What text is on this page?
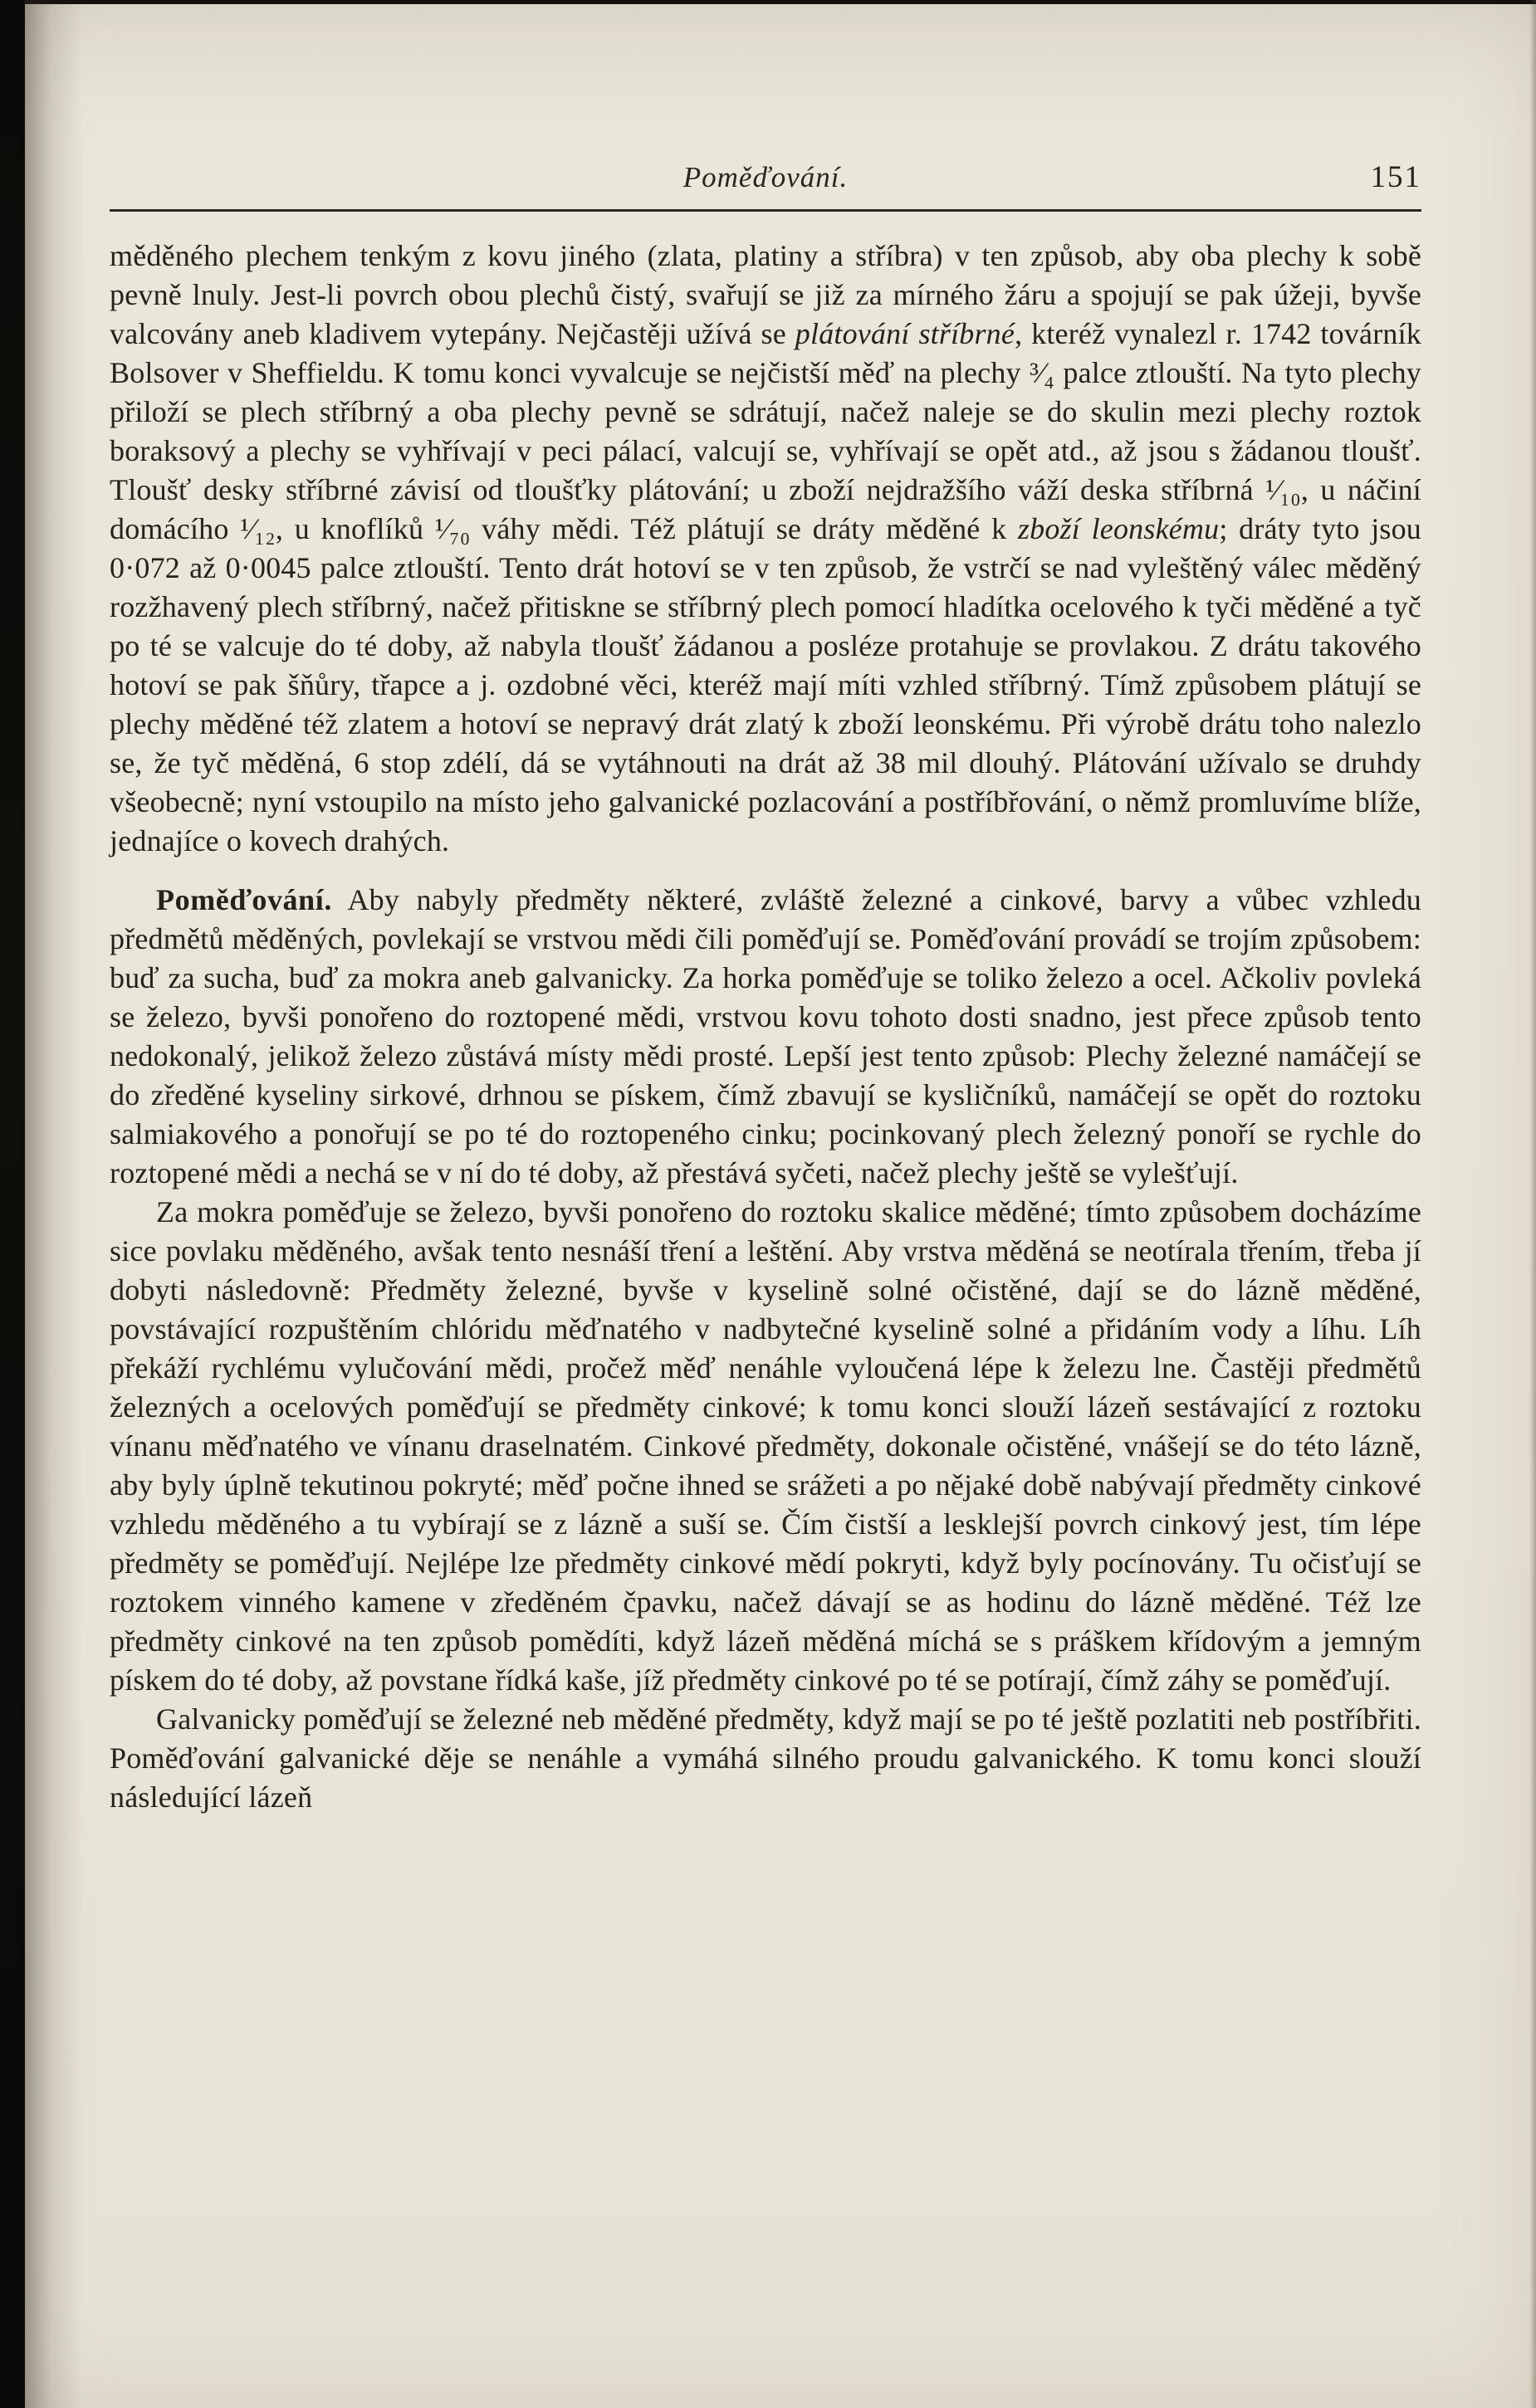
Poměďování.	151

měděného plechem tenkým z kovu jiného (zlata, platiny a stříbra) v ten způsob, aby oba plechy k sobě pevně lnuly. Jest-li povrch obou plechů čistý, svařují se již za mírného žáru a spojují se pak úžeji, byvše valcovány aneb kladivem vytepány. Nejčastěji užívá se plátování stříbrné, kteréž vynalezl r. 1742 továrník Bolsover v Sheffieldu. K tomu konci vyvalcuje se nejčistší měď na plechy ³⁄₄ palce ztlouští. Na tyto plechy přiloží se plech stříbrný a oba plechy pevně se sdrátují, načež naleje se do skulin mezi plechy roztok boraksový a plechy se vyhřívají v peci pálací, valcují se, vyhřívají se opět atd., až jsou s žádanou tloušť. Tloušť desky stříbrné závisí od tloušťky plátování; u zboží nejdražšího váží deska stříbrná ¹⁄₁₀, u náčiní domácího ¹⁄₁₂, u knoflíků ¹⁄₇₀ váhy mědi. Též plátují se dráty měděné k zboží leonskému; dráty tyto jsou 0·072 až 0·0045 palce ztlouští. Tento drát hotoví se v ten způsob, že vstrčí se nad vyleštěný válec měděný rozžhavený plech stříbrný, načež přitiskne se stříbrný plech pomocí hladítka ocelového k tyči měděné a tyč po té se valcuje do té doby, až nabyla tloušť žádanou a posléze protahuje se provlakou. Z drátu takového hotoví se pak šňůry, třapce a j. ozdobné věci, kteréž mají míti vzhled stříbrný. Tímž způsobem plátují se plechy měděné též zlatem a hotoví se nepravý drát zlatý k zboží leonskému. Při výrobě drátu toho nalezlo se, že tyč měděná, 6 stop zdélí, dá se vytáhnouti na drát až 38 mil dlouhý. Plátování užívalo se druhdy všeobecně; nyní vstoupilo na místo jeho galvanické pozlacování a postříbřování, o němž promluvíme blíže, jednajíce o kovech drahých.

Poměďování. Aby nabyly předměty některé, zvláště železné a cinkové, barvy a vůbec vzhledu předmětů měděných, povlekají se vrstvou mědi čili poměďují se. Poměďování provádí se trojím způsobem: buď za sucha, buď za mokra aneb galvanicky. Za horka poměďuje se toliko železo a ocel. Ačkoliv povleká se železo, byvši ponořeno do roztopené mědi, vrstvou kovu tohoto dosti snadno, jest přece způsob tento nedokonalý, jelikož železo zůstává místy mědi prosté. Lepší jest tento způsob: Plechy železné namáčejí se do zředěné kyseliny sirkové, drhnou se pískem, čímž zbavují se kysličníků, namáčejí se opět do roztoku salmiakového a ponořují se po té do roztopeného cinku; pocinkovaný plech železný ponoří se rychle do roztopené mědi a nechá se v ní do té doby, až přestává syčeti, načež plechy ještě se vylešťují.

Za mokra poměďuje se železo, byvši ponořeno do roztoku skalice měděné; tímto způsobem docházíme sice povlaku měděného, avšak tento nesnáší tření a leštění. Aby vrstva měděná se neotírala třením, třeba jí dobyti následovně: Předměty železné, byvše v kyselině solné očistěné, dají se do lázně měděné, povstávající rozpuštěním chlóridu měďnatého v nadbytečné kyselině solné a přidáním vody a líhu. Líh překáží rychlému vylučování mědi, pročež měď nenáhle vyloučená lépe k železu lne. Častěji předmětů železných a ocelových poměďují se předměty cinkové; k tomu konci slouží lázeň sestávající z roztoku vínanu měďnatého ve vínanu draselnatém. Cinkové předměty, dokonale očistěné, vnášejí se do této lázně, aby byly úplně tekutinou pokryté; měď počne ihned se srážeti a po nějaké době nabývají předměty cinkové vzhledu měděného a tu vybírají se z lázně a suší se. Čím čistší a lesklejší povrch cinkový jest, tím lépe předměty se poměďují. Nejlépe lze předměty cinkové mědí pokryti, když byly pocínovány. Tu očisťují se roztokem vinného kamene v zředěném čpavku, načež dávají se as hodinu do lázně měděné. Též lze předměty cinkové na ten způsob pomědíti, když lázeň měděná míchá se s práškem křídovým a jemným pískem do té doby, až povstane řídká kaše, jíž předměty cinkové po té se potírají, čímž záhy se poměďují.

Galvanicky poměďují se železné neb měděné předměty, když mají se po té ještě pozlatiti neb postříbřiti. Poměďování galvanické děje se nenáhle a vymáhá silného proudu galvanického. K tomu konci slouží následující lázeň
